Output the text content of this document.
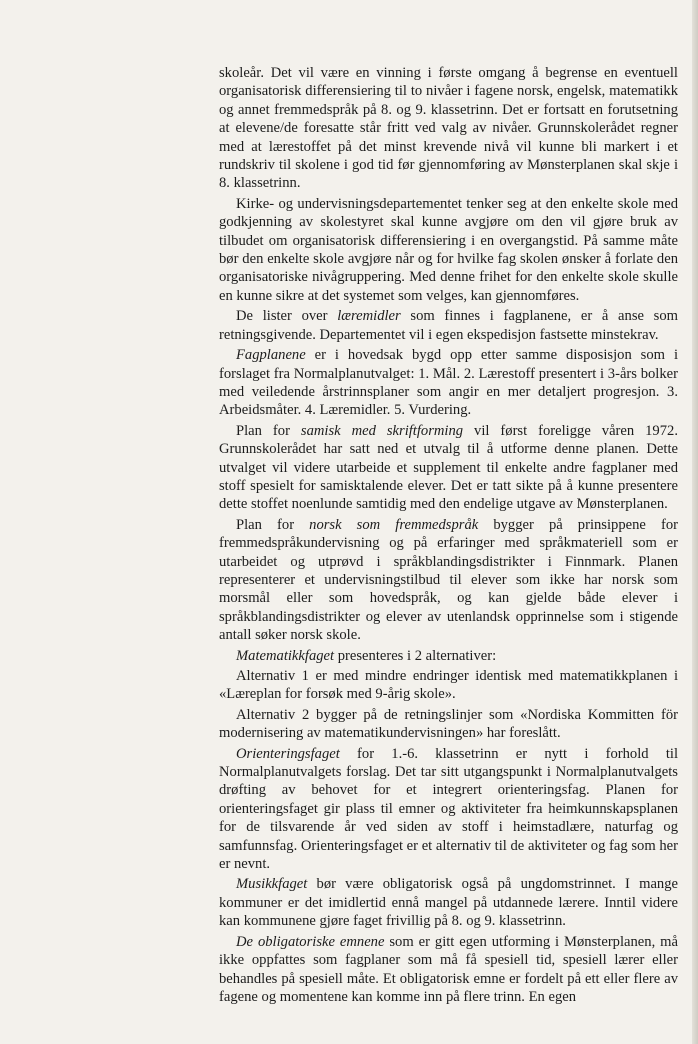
skoleår. Det vil være en vinning i første omgang å begrense en eventuell organisatorisk differensiering til to nivåer i fagene norsk, engelsk, matematikk og annet fremmedspråk på 8. og 9. klassetrinn. Det er fortsatt en forutsetning at elevene/de foresatte står fritt ved valg av nivåer. Grunnskolerådet regner med at lærestoffet på det minst krevende nivå vil kunne bli markert i et rundskriv til skolene i god tid før gjennomføring av Mønsterplanen skal skje i 8. klassetrinn.

Kirke- og undervisningsdepartementet tenker seg at den enkelte skole med godkjenning av skolestyret skal kunne avgjøre om den vil gjøre bruk av tilbudet om organisatorisk differensiering i en overgangstid. På samme måte bør den enkelte skole avgjøre når og for hvilke fag skolen ønsker å forlate den organisatoriske nivågruppering. Med denne frihet for den enkelte skole skulle en kunne sikre at det systemet som velges, kan gjennomføres.

De lister over læremidler som finnes i fagplanene, er å anse som retningsgivende. Departementet vil i egen ekspedisjon fastsette minstekrav.

Fagplanene er i hovedsak bygd opp etter samme disposisjon som i forslaget fra Normalplanutvalget: 1. Mål. 2. Lærestoff presentert i 3-års bolker med veiledende årstrinnsplaner som angir en mer detaljert progresjon. 3. Arbeidsmåter. 4. Læremidler. 5. Vurdering.

Plan for samisk med skriftforming vil først foreligge våren 1972. Grunnskolerådet har satt ned et utvalg til å utforme denne planen. Dette utvalget vil videre utarbeide et supplement til enkelte andre fagplaner med stoff spesielt for samisktalende elever. Det er tatt sikte på å kunne presentere dette stoffet noenlunde samtidig med den endelige utgave av Mønsterplanen.

Plan for norsk som fremmedspråk bygger på prinsippene for fremmedspråkundervisning og på erfaringer med språkmateriell som er utarbeidet og utprøvd i språkblandingsdistrikter i Finnmark. Planen representerer et undervisningstilbud til elever som ikke har norsk som morsmål eller som hovedspråk, og kan gjelde både elever i språkblandingsdistrikter og elever av utenlandsk opprinnelse som i stigende antall søker norsk skole.

Matematikkfaget presenteres i 2 alternativer:

Alternativ 1 er med mindre endringer identisk med matematikkplanen i «Læreplan for forsøk med 9-årig skole».

Alternativ 2 bygger på de retningslinjer som «Nordiska Kommitten för modernisering av matematikundervisningen» har foreslått.

Orienteringsfaget for 1.-6. klassetrinn er nytt i forhold til Normalplanutvalgets forslag. Det tar sitt utgangspunkt i Normalplanutvalgets drøfting av behovet for et integrert orienteringsfag. Planen for orienteringsfaget gir plass til emner og aktiviteter fra heimkunnskapsplanen for de tilsvarende år ved siden av stoff i heimstadlære, naturfag og samfunnsfag. Orienteringsfaget er et alternativ til de aktiviteter og fag som her er nevnt.

Musikkfaget bør være obligatorisk også på ungdomstrinnet. I mange kommuner er det imidlertid ennå mangel på utdannede lærere. Inntil videre kan kommunene gjøre faget frivillig på 8. og 9. klassetrinn.

De obligatoriske emnene som er gitt egen utforming i Mønsterplanen, må ikke oppfattes som fagplaner som må få spesiell tid, spesiell lærer eller behandles på spesiell måte. Et obligatorisk emne er fordelt på ett eller flere av fagene og momentene kan komme inn på flere trinn. En egen
